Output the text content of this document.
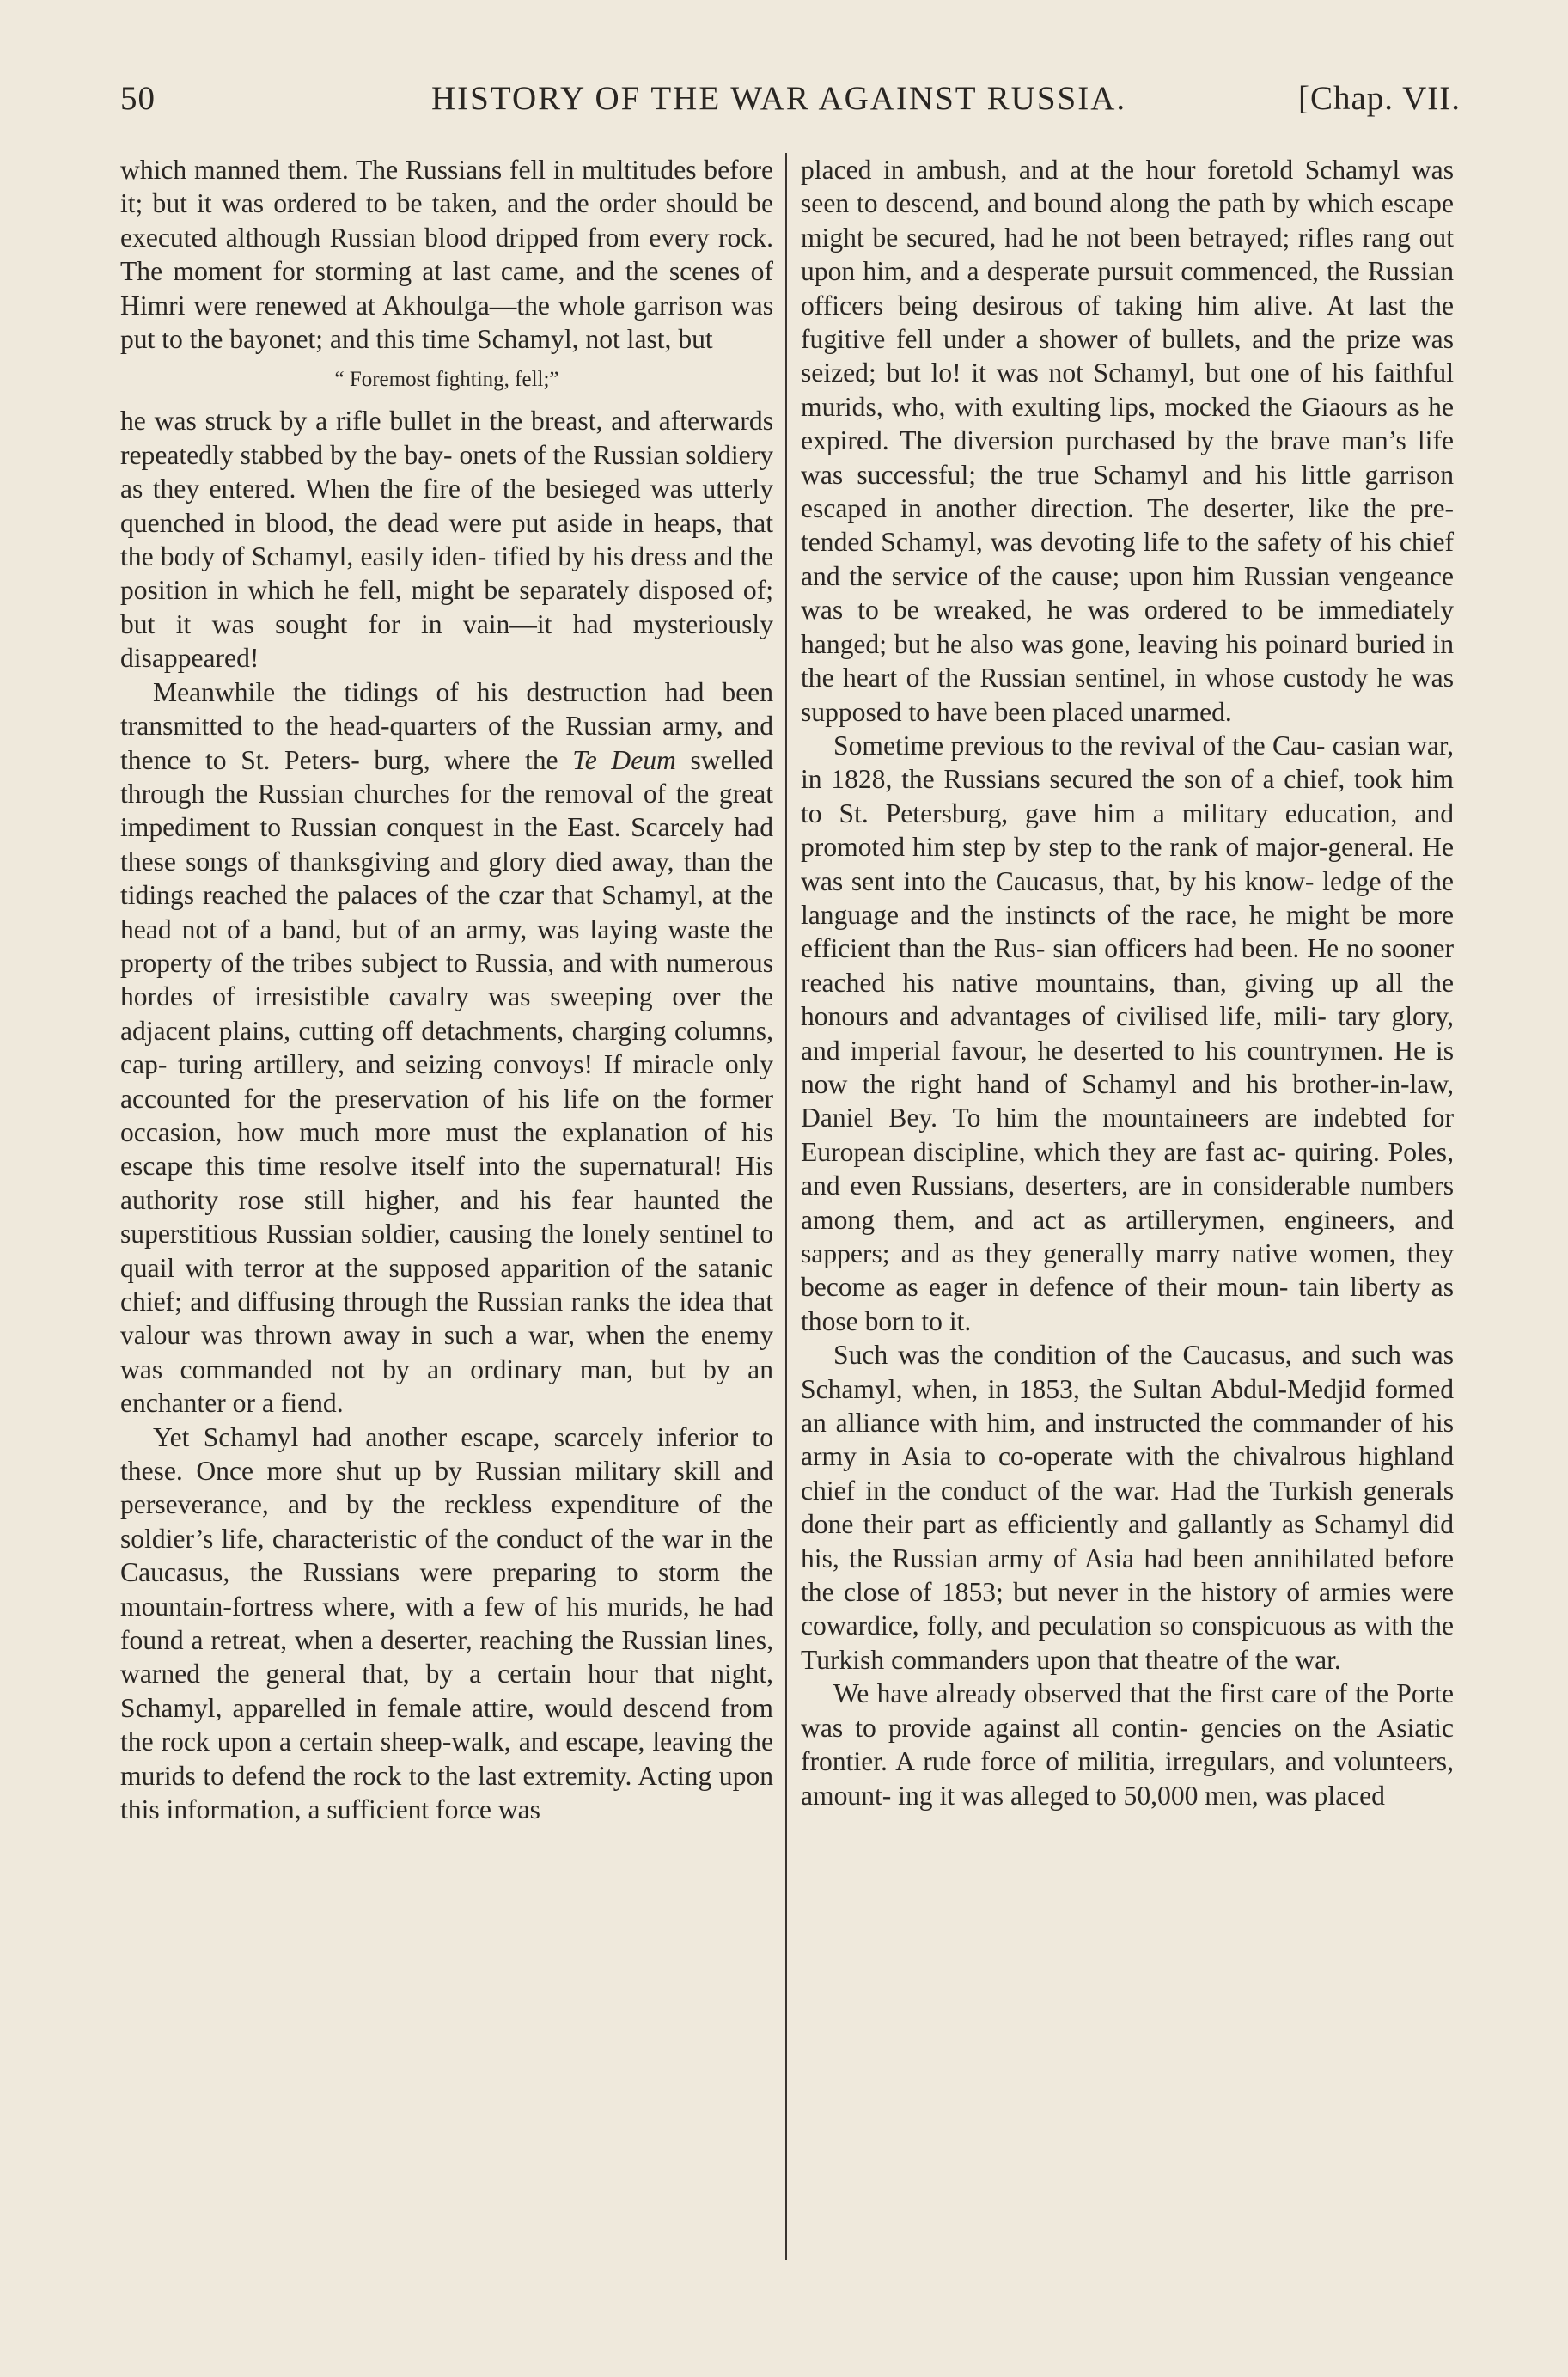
50	HISTORY OF THE WAR AGAINST RUSSIA.	[Chap. VII.

which manned them. The Russians fell in multitudes before it; but it was ordered to be taken, and the order should be executed although Russian blood dripped from every rock. The moment for storming at last came, and the scenes of Himri were renewed at Akhoulga—the whole garrison was put to the bayonet; and this time Schamyl, not last, but

“ Foremost fighting, fell;”

he was struck by a rifle bullet in the breast, and afterwards repeatedly stabbed by the bay- onets of the Russian soldiery as they entered. When the fire of the besieged was utterly quenched in blood, the dead were put aside in heaps, that the body of Schamyl, easily iden- tified by his dress and the position in which he fell, might be separately disposed of; but it was sought for in vain—it had mysteriously disappeared!

Meanwhile the tidings of his destruction had been transmitted to the head-quarters of the Russian army, and thence to St. Peters- burg, where the Te Deum swelled through the Russian churches for the removal of the great impediment to Russian conquest in the East. Scarcely had these songs of thanksgiving and glory died away, than the tidings reached the palaces of the czar that Schamyl, at the head not of a band, but of an army, was laying waste the property of the tribes subject to Russia, and with numerous hordes of irresistible cavalry was sweeping over the adjacent plains, cutting off detachments, charging columns, cap- turing artillery, and seizing convoys! If miracle only accounted for the preservation of his life on the former occasion, how much more must the explanation of his escape this time resolve itself into the supernatural! His authority rose still higher, and his fear haunted the superstitious Russian soldier, causing the lonely sentinel to quail with terror at the supposed apparition of the satanic chief; and diffusing through the Russian ranks the idea that valour was thrown away in such a war, when the enemy was commanded not by an ordinary man, but by an enchanter or a fiend.

Yet Schamyl had another escape, scarcely inferior to these. Once more shut up by Russian military skill and perseverance, and by the reckless expenditure of the soldier’s life, characteristic of the conduct of the war in the Caucasus, the Russians were preparing to storm the mountain-fortress where, with a few of his murids, he had found a retreat, when a deserter, reaching the Russian lines, warned the general that, by a certain hour that night, Schamyl, apparelled in female attire, would descend from the rock upon a certain sheep-walk, and escape, leaving the murids to defend the rock to the last extremity. Acting upon this information, a sufficient force was

placed in ambush, and at the hour foretold Schamyl was seen to descend, and bound along the path by which escape might be secured, had he not been betrayed; rifles rang out upon him, and a desperate pursuit commenced, the Russian officers being desirous of taking him alive. At last the fugitive fell under a shower of bullets, and the prize was seized; but lo! it was not Schamyl, but one of his faithful murids, who, with exulting lips, mocked the Giaours as he expired. The diversion purchased by the brave man’s life was successful; the true Schamyl and his little garrison escaped in another direction. The deserter, like the pre- tended Schamyl, was devoting life to the safety of his chief and the service of the cause; upon him Russian vengeance was to be wreaked, he was ordered to be immediately hanged; but he also was gone, leaving his poinard buried in the heart of the Russian sentinel, in whose custody he was supposed to have been placed unarmed.

Sometime previous to the revival of the Cau- casian war, in 1828, the Russians secured the son of a chief, took him to St. Petersburg, gave him a military education, and promoted him step by step to the rank of major-general. He was sent into the Caucasus, that, by his know- ledge of the language and the instincts of the race, he might be more efficient than the Rus- sian officers had been. He no sooner reached his native mountains, than, giving up all the honours and advantages of civilised life, mili- tary glory, and imperial favour, he deserted to his countrymen. He is now the right hand of Schamyl and his brother-in-law, Daniel Bey. To him the mountaineers are indebted for European discipline, which they are fast ac- quiring. Poles, and even Russians, deserters, are in considerable numbers among them, and act as artillerymen, engineers, and sappers; and as they generally marry native women, they become as eager in defence of their moun- tain liberty as those born to it.

Such was the condition of the Caucasus, and such was Schamyl, when, in 1853, the Sultan Abdul-Medjid formed an alliance with him, and instructed the commander of his army in Asia to co-operate with the chivalrous highland chief in the conduct of the war. Had the Turkish generals done their part as efficiently and gallantly as Schamyl did his, the Russian army of Asia had been annihilated before the close of 1853; but never in the history of armies were cowardice, folly, and peculation so conspicuous as with the Turkish commanders upon that theatre of the war.

We have already observed that the first care of the Porte was to provide against all contin- gencies on the Asiatic frontier. A rude force of militia, irregulars, and volunteers, amount- ing it was alleged to 50,000 men, was placed
